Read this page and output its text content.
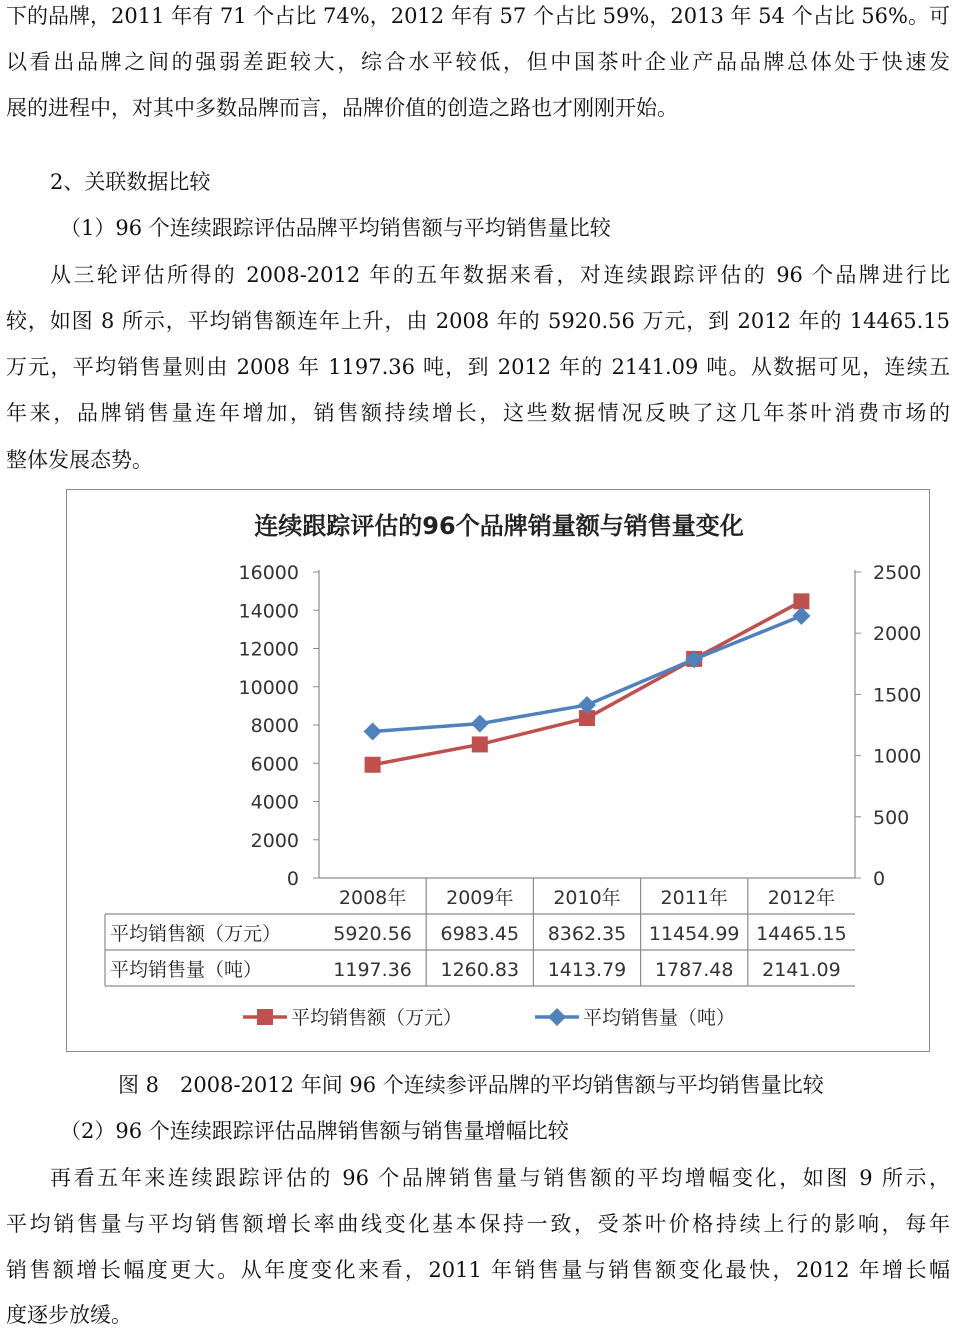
下的品牌，2011 年有 71 个占比 74%，2012 年有 57 个占比 59%，2013 年 54 个占比 56%。可
以看出品牌之间的强弱差距较大，综合水平较低，但中国茶叶企业产品品牌总体处于快速发
展的进程中，对其中多数品牌而言，品牌价值的创造之路也才刚刚开始。
2、关联数据比较
（1）96 个连续跟踪评估品牌平均销售额与平均销售量比较
从三轮评估所得的 2008-2012 年的五年数据来看，对连续跟踪评估的 96 个品牌进行比
较，如图 8 所示，平均销售额连年上升，由 2008 年的 5920.56 万元，到 2012 年的 14465.15
万元，平均销售量则由 2008 年 1197.36 吨，到 2012 年的 2141.09 吨。从数据可见，连续五
年来，品牌销售量连年增加，销售额持续增长，这些数据情况反映了这几年茶叶消费市场的
整体发展态势。
连续跟踪评估的96个品牌销量额与销售量变化
0
2000
4000
6000
8000
10000
12000
14000
16000
0
500
1000
1500
2000
2500
2008年 2009年 2010年 2011年 2012年
平均销售额（万元）	5920.56 6983.45 8362.35 11454.99 14465.15
平均销售量（吨）	1197.36 1260.83 1413.79 1787.48 2141.09
平均销售额（万元）	平均销售量（吨）
图 8　2008-2012 年间 96 个连续参评品牌的平均销售额与平均销售量比较
（2）96 个连续跟踪评估品牌销售额与销售量增幅比较
再看五年来连续跟踪评估的 96 个品牌销售量与销售额的平均增幅变化，如图 9 所示，
平均销售量与平均销售额增长率曲线变化基本保持一致，受茶叶价格持续上行的影响，每年
销售额增长幅度更大。从年度变化来看，2011 年销售量与销售额变化最快，2012 年增长幅
度逐步放缓。
